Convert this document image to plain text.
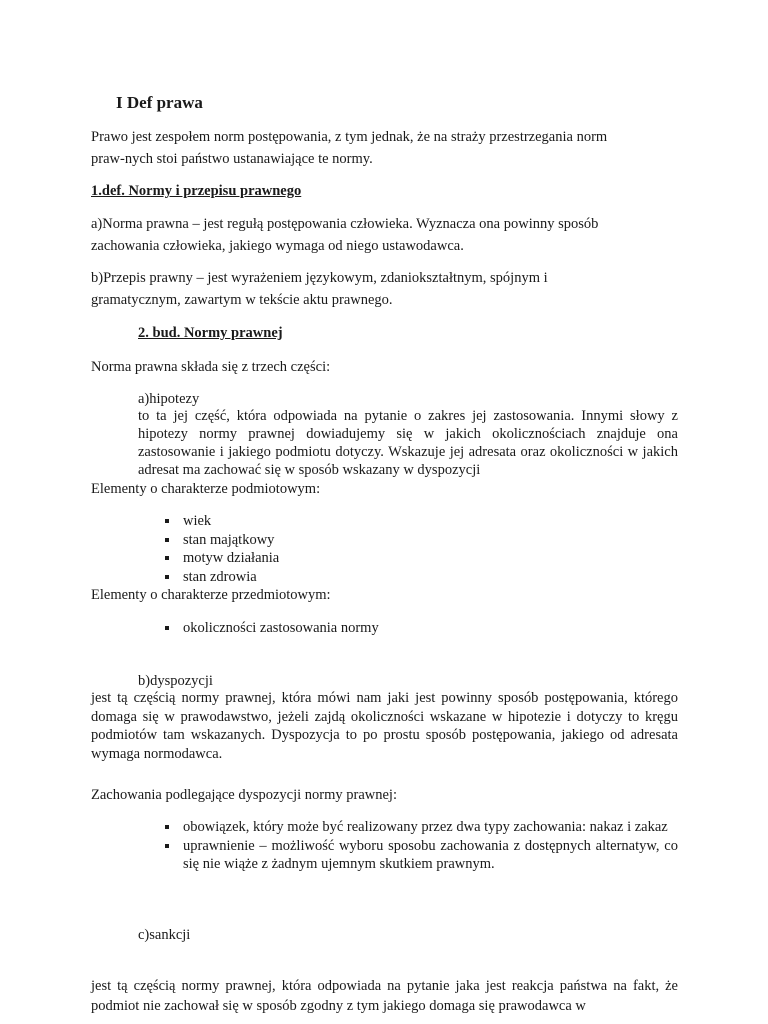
I Def prawa
Prawo jest zespołem norm postępowania, z tym jednak, że na straży przestrzegania norm
praw-nych stoi państwo ustanawiające te normy.
1.def. Normy i przepisu prawnego
a)Norma prawna – jest regułą postępowania człowieka. Wyznacza ona powinny sposób
zachowania człowieka, jakiego wymaga od niego ustawodawca.
b)Przepis prawny – jest wyrażeniem językowym, zdaniokształtnym, spójnym i
gramatycznym, zawartym w tekście aktu prawnego.
2. bud. Normy prawnej
Norma prawna składa się z trzech części:
a)hipotezy
to ta jej część, która odpowiada na pytanie o zakres jej zastosowania. Innymi słowy z hipotezy normy prawnej dowiadujemy się w jakich okolicznościach znajduje ona zastosowanie i jakiego podmiotu dotyczy. Wskazuje jej adresata oraz okoliczności w jakich adresat ma zachować się w sposób wskazany w dyspozycji
Elementy o charakterze podmiotowym:
wiek
stan majątkowy
motyw działania
stan zdrowia
Elementy o charakterze przedmiotowym:
okoliczności zastosowania normy
b)dyspozycji
jest tą częścią normy prawnej, która mówi nam jaki jest powinny sposób postępowania, którego domaga się w prawodawstwo, jeżeli zajdą okoliczności wskazane w hipotezie i dotyczy to kręgu podmiotów tam wskazanych. Dyspozycja to po prostu sposób postępowania, jakiego od adresata wymaga normodawca.
Zachowania podlegające dyspozycji normy prawnej:
obowiązek, który może być realizowany przez dwa typy zachowania: nakaz i zakaz
uprawnienie – możliwość wyboru sposobu zachowania z dostępnych alternatyw, co się nie wiąże z żadnym ujemnym skutkiem prawnym.
c)sankcji
jest tą częścią normy prawnej, która odpowiada na pytanie jaka jest reakcja państwa na fakt, że podmiot nie zachował się w sposób zgodny z tym jakiego domaga się prawodawca w
